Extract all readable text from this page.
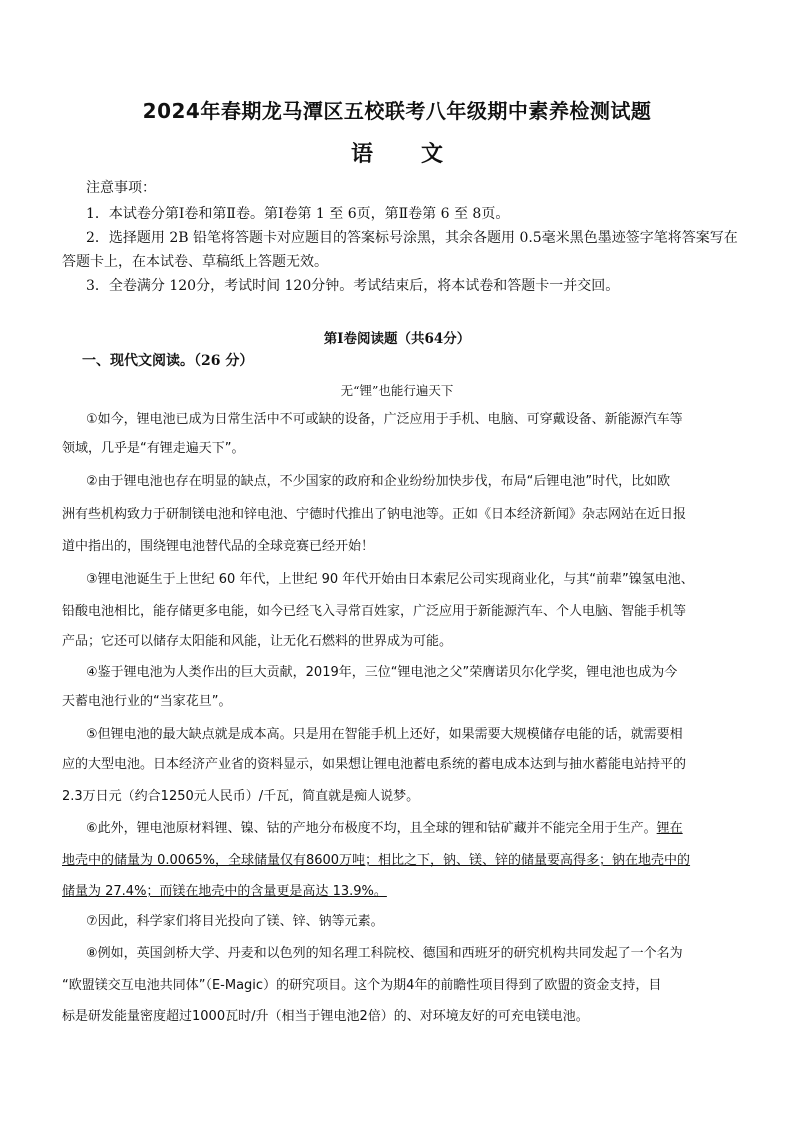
2024年春期龙马潭区五校联考八年级期中素养检测试题
语文
注意事项：
1．本试卷分第Ⅰ卷和第Ⅱ卷。第Ⅰ卷第 1 至 6页，第Ⅱ卷第 6 至 8页。
2．选择题用 2B 铅笔将答题卡对应题目的答案标号涂黑，其余各题用 0.5毫米黑色墨迹签字笔将答案写在
答题卡上，在本试卷、草稿纸上答题无效。
3．全卷满分 120分，考试时间 120分钟。考试结束后，将本试卷和答题卡一并交回。
第Ⅰ卷阅读题（共64分）
一、现代文阅读。（26 分）
无“锂”也能行遍天下
①如今，锂电池已成为日常生活中不可或缺的设备，广泛应用于手机、电脑、可穿戴设备、新能源汽车等
领域，几乎是“有锂走遍天下”。
②由于锂电池也存在明显的缺点，不少国家的政府和企业纷纷加快步伐，布局“后锂电池”时代，比如欧
洲有些机构致力于研制镁电池和锌电池、宁德时代推出了钠电池等。正如《日本经济新闻》杂志网站在近日报
道中指出的，围绕锂电池替代品的全球竞赛已经开始！
③锂电池诞生于上世纪 60 年代，上世纪 90 年代开始由日本索尼公司实现商业化，与其“前辈”镍氢电池、
铅酸电池相比，能存储更多电能，如今已经飞入寻常百姓家，广泛应用于新能源汽车、个人电脑、智能手机等
产品；它还可以储存太阳能和风能，让无化石燃料的世界成为可能。
④鉴于锂电池为人类作出的巨大贡献，2019年，三位“锂电池之父”荣膺诺贝尔化学奖，锂电池也成为今
天蓄电池行业的“当家花旦”。
⑤但锂电池的最大缺点就是成本高。只是用在智能手机上还好，如果需要大规模储存电能的话，就需要相
应的大型电池。日本经济产业省的资料显示，如果想让锂电池蓄电系统的蓄电成本达到与抽水蓄能电站持平的
2.3万日元（约合1250元人民币）/千瓦，简直就是痴人说梦。
⑥此外，锂电池原材料锂、镍、钴的产地分布极度不均，且全球的锂和钴矿藏并不能完全用于生产。锂在
地壳中的储量为 0.0065%，全球储量仅有8600万吨；相比之下，钠、镁、锌的储量要高得多；钠在地壳中的
储量为 27.4%；而镁在地壳中的含量更是高达 13.9%。
⑦因此，科学家们将目光投向了镁、锌、钠等元素。
⑧例如，英国剑桥大学、丹麦和以色列的知名理工科院校、德国和西班牙的研究机构共同发起了一个名为
“欧盟镁交互电池共同体”（E-Magic）的研究项目。这个为期4年的前瞻性项目得到了欧盟的资金支持，目
标是研发能量密度超过1000瓦时/升（相当于锂电池2倍）的、对环境友好的可充电镁电池。
